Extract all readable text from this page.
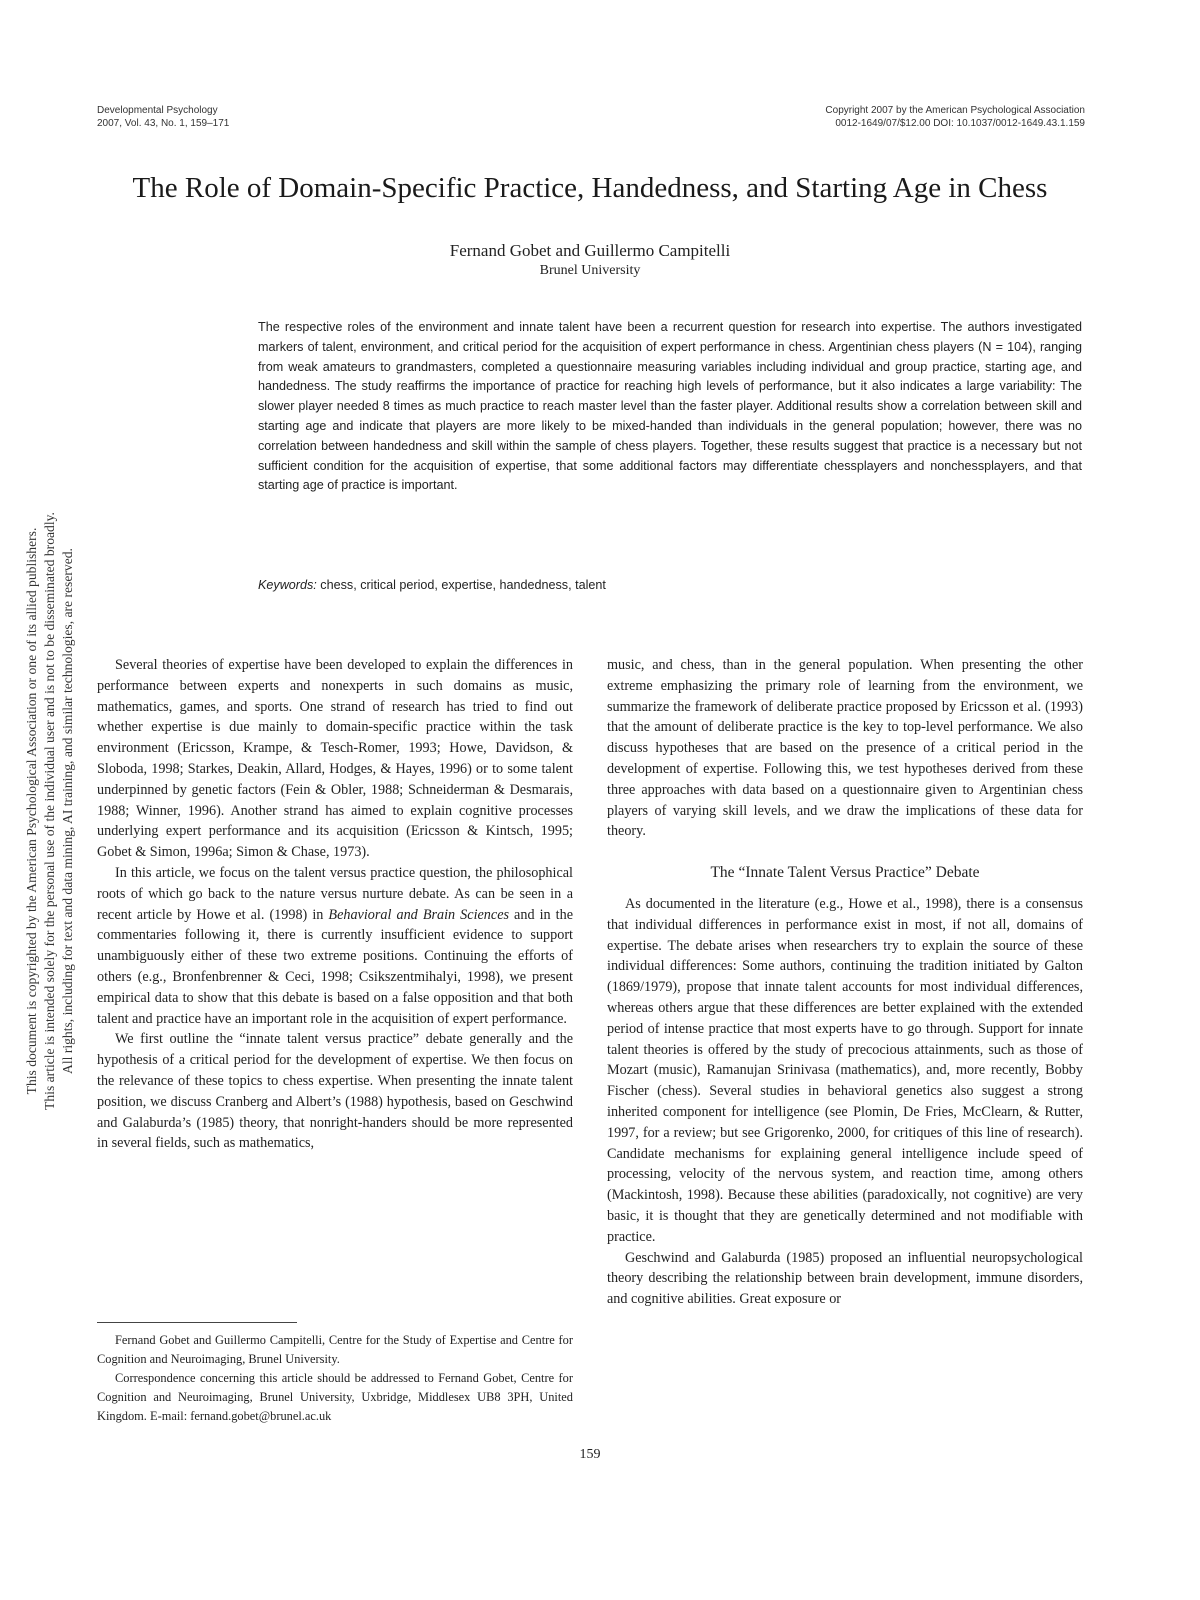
Developmental Psychology
2007, Vol. 43, No. 1, 159–171
Copyright 2007 by the American Psychological Association
0012-1649/07/$12.00 DOI: 10.1037/0012-1649.43.1.159
The Role of Domain-Specific Practice, Handedness, and Starting Age in Chess
Fernand Gobet and Guillermo Campitelli
Brunel University
The respective roles of the environment and innate talent have been a recurrent question for research into expertise. The authors investigated markers of talent, environment, and critical period for the acquisition of expert performance in chess. Argentinian chess players (N = 104), ranging from weak amateurs to grandmasters, completed a questionnaire measuring variables including individual and group practice, starting age, and handedness. The study reaffirms the importance of practice for reaching high levels of performance, but it also indicates a large variability: The slower player needed 8 times as much practice to reach master level than the faster player. Additional results show a correlation between skill and starting age and indicate that players are more likely to be mixed-handed than individuals in the general population; however, there was no correlation between handedness and skill within the sample of chess players. Together, these results suggest that practice is a necessary but not sufficient condition for the acquisition of expertise, that some additional factors may differentiate chessplayers and nonchessplayers, and that starting age of practice is important.
Keywords: chess, critical period, expertise, handedness, talent

Several theories of expertise have been developed to explain the differences in performance between experts and nonexperts in such domains as music, mathematics, games, and sports. One strand of research has tried to find out whether expertise is due mainly to domain-specific practice within the task environment (Ericsson, Krampe, & Tesch-Romer, 1993; Howe, Davidson, & Sloboda, 1998; Starkes, Deakin, Allard, Hodges, & Hayes, 1996) or to some talent underpinned by genetic factors (Fein & Obler, 1988; Schneiderman & Desmarais, 1988; Winner, 1996). Another strand has aimed to explain cognitive processes underlying expert performance and its acquisition (Ericsson & Kintsch, 1995; Gobet & Simon, 1996a; Simon & Chase, 1973).

In this article, we focus on the talent versus practice question, the philosophical roots of which go back to the nature versus nurture debate. As can be seen in a recent article by Howe et al. (1998) in Behavioral and Brain Sciences and in the commentaries following it, there is currently insufficient evidence to support unambiguously either of these two extreme positions. Continuing the efforts of others (e.g., Bronfenbrenner & Ceci, 1998; Csikszentmihalyi, 1998), we present empirical data to show that this debate is based on a false opposition and that both talent and practice have an important role in the acquisition of expert performance.

We first outline the “innate talent versus practice” debate generally and the hypothesis of a critical period for the development of expertise. We then focus on the relevance of these topics to chess expertise. When presenting the innate talent position, we discuss Cranberg and Albert’s (1988) hypothesis, based on Geschwind and Galaburda’s (1985) theory, that nonright-handers should be more represented in several fields, such as mathematics,

music, and chess, than in the general population. When presenting the other extreme emphasizing the primary role of learning from the environment, we summarize the framework of deliberate practice proposed by Ericsson et al. (1993) that the amount of deliberate practice is the key to top-level performance. We also discuss hypotheses that are based on the presence of a critical period in the development of expertise. Following this, we test hypotheses derived from these three approaches with data based on a questionnaire given to Argentinian chess players of varying skill levels, and we draw the implications of these data for theory.

The “Innate Talent Versus Practice” Debate

As documented in the literature (e.g., Howe et al., 1998), there is a consensus that individual differences in performance exist in most, if not all, domains of expertise. The debate arises when researchers try to explain the source of these individual differences: Some authors, continuing the tradition initiated by Galton (1869/1979), propose that innate talent accounts for most individual differences, whereas others argue that these differences are better explained with the extended period of intense practice that most experts have to go through. Support for innate talent theories is offered by the study of precocious attainments, such as those of Mozart (music), Ramanujan Srinivasa (mathematics), and, more recently, Bobby Fischer (chess). Several studies in behavioral genetics also suggest a strong inherited component for intelligence (see Plomin, De Fries, McClearn, & Rutter, 1997, for a review; but see Grigorenko, 2000, for critiques of this line of research). Candidate mechanisms for explaining general intelligence include speed of processing, velocity of the nervous system, and reaction time, among others (Mackintosh, 1998). Because these abilities (paradoxically, not cognitive) are very basic, it is thought that they are genetically determined and not modifiable with practice.

Geschwind and Galaburda (1985) proposed an influential neuropsychological theory describing the relationship between brain development, immune disorders, and cognitive abilities. Great exposure or

Fernand Gobet and Guillermo Campitelli, Centre for the Study of Expertise and Centre for Cognition and Neuroimaging, Brunel University.

Correspondence concerning this article should be addressed to Fernand Gobet, Centre for Cognition and Neuroimaging, Brunel University, Uxbridge, Middlesex UB8 3PH, United Kingdom. E-mail: fernand.gobet@brunel.ac.uk

159
This document is copyrighted by the American Psychological Association or one of its allied publishers. This article is intended solely for the personal use of the individual user and is not to be disseminated broadly. All rights, including for text and data mining, AI training, and similar technologies, are reserved.
